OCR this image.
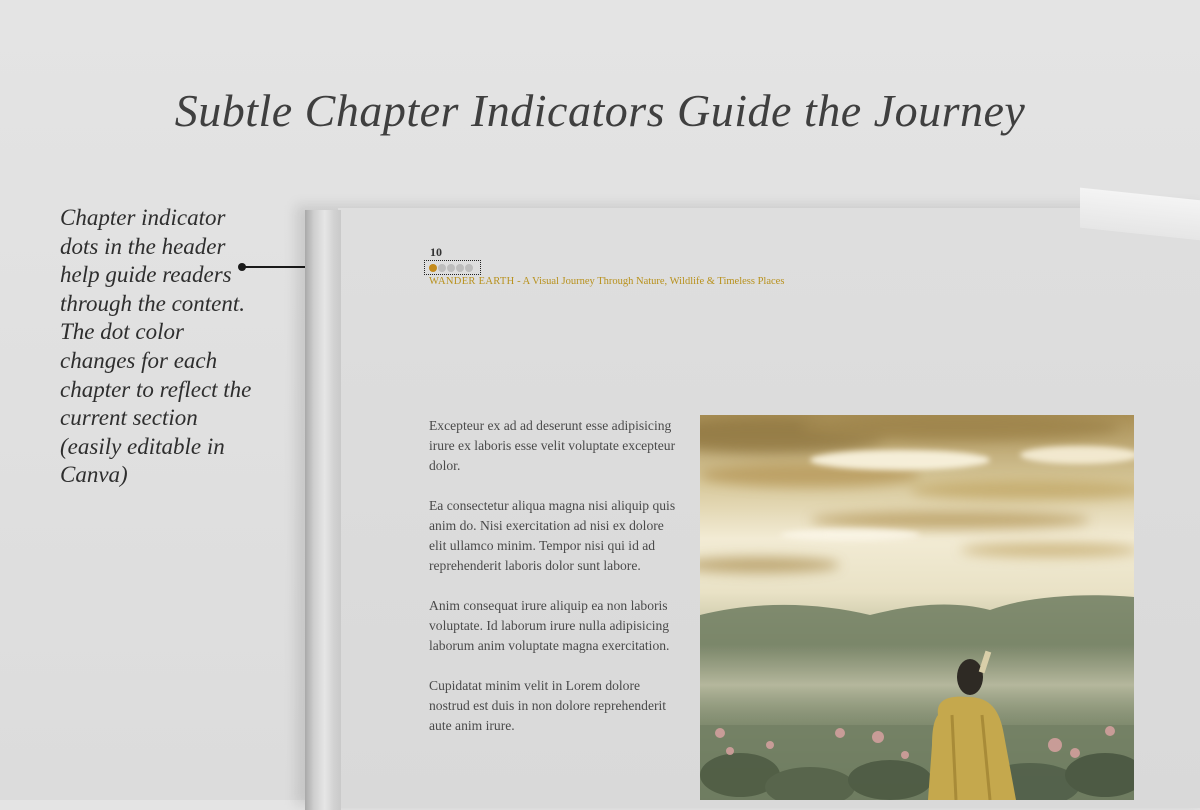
Subtle Chapter Indicators Guide the Journey
Chapter indicator dots in the header help guide readers through the content. The dot color changes for each chapter to reflect the current section (easily editable in Canva)
10
WANDER EARTH - A Visual Journey Through Nature, Wildlife & Timeless Places

Excepteur ex ad ad deserunt esse adipisicing irure ex laboris esse velit voluptate excepteur dolor.

Ea consectetur aliqua magna nisi aliquip quis anim do. Nisi exercitation ad nisi ex dolore elit ullamco minim. Tempor nisi qui id ad reprehenderit laboris dolor sunt labore.

Anim consequat irure aliquip ea non laboris voluptate. Id laborum irure nulla adipisicing laborum anim voluptate magna exercitation.

Cupidatat minim velit in Lorem dolore nostrud est duis in non dolore reprehenderit aute anim irure.
